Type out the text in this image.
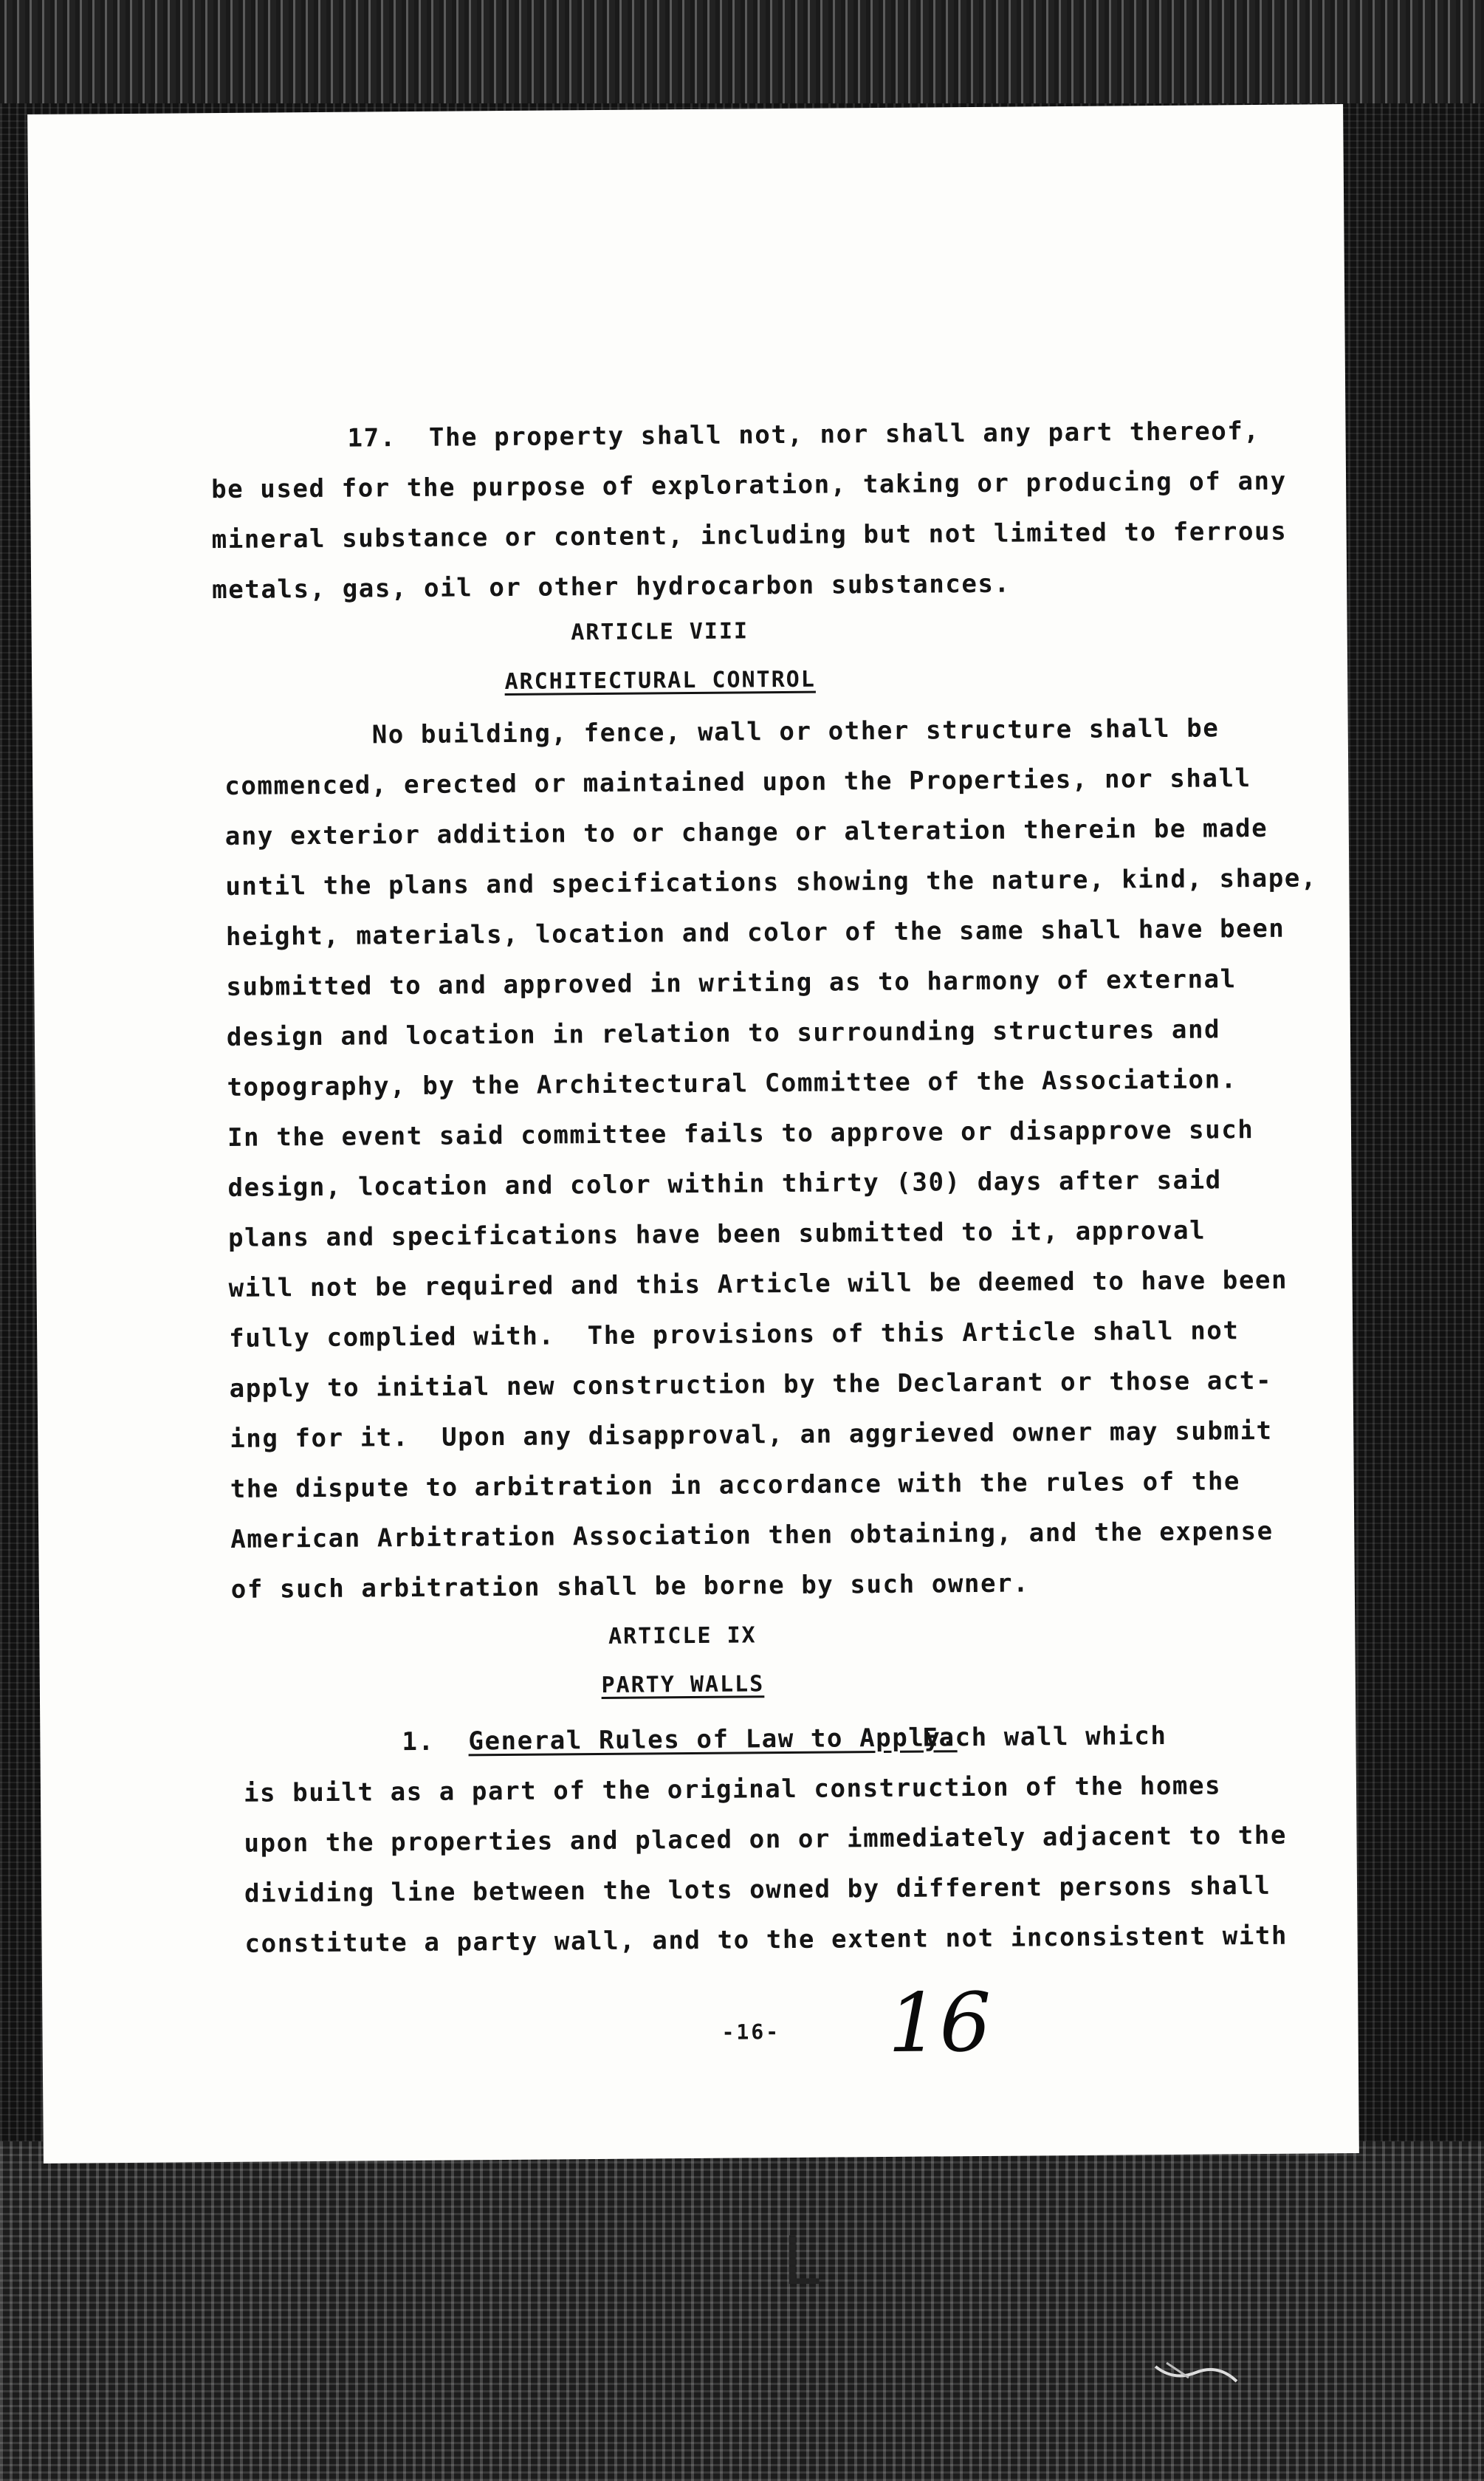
17.  The property shall not, nor shall any part thereof,
be used for the purpose of exploration, taking or producing of any
mineral substance or content, including but not limited to ferrous
metals, gas, oil or other hydrocarbon substances.
ARTICLE VIII
ARCHITECTURAL CONTROL
No building, fence, wall or other structure shall be
commenced, erected or maintained upon the Properties, nor shall
any exterior addition to or change or alteration therein be made
until the plans and specifications showing the nature, kind, shape,
height, materials, location and color of the same shall have been
submitted to and approved in writing as to harmony of external
design and location in relation to surrounding structures and
topography, by the Architectural Committee of the Association.
In the event said committee fails to approve or disapprove such
design, location and color within thirty (30) days after said
plans and specifications have been submitted to it, approval
will not be required and this Article will be deemed to have been
fully complied with.  The provisions of this Article shall not
apply to initial new construction by the Declarant or those act-
ing for it.  Upon any disapproval, an aggrieved owner may submit
the dispute to arbitration in accordance with the rules of the
American Arbitration Association then obtaining, and the expense
of such arbitration shall be borne by such owner.
ARTICLE IX
PARTY WALLS
1. General Rules of Law to Apply.
Each wall which
is built as a part of the original construction of the homes
upon the properties and placed on or immediately adjacent to the
dividing line between the lots owned by different persons shall
constitute a party wall, and to the extent not inconsistent with
-16- 16
L
